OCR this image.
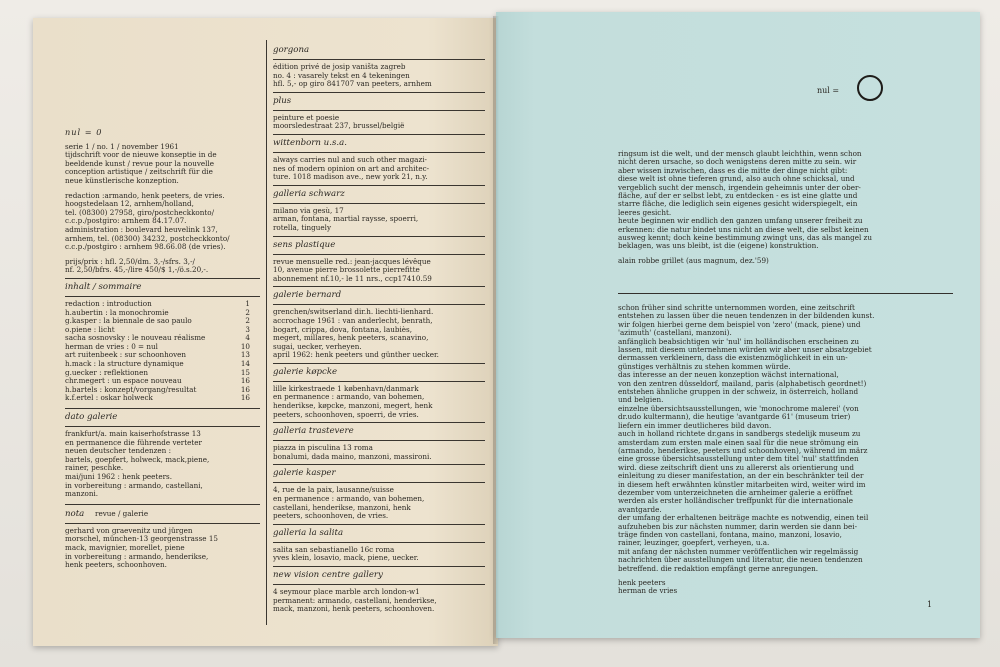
nul = 0
serie 1 / no. 1 / november 1961
tijdschrift voor de nieuwe konseptie in de
beeldende kunst / revue pour la nouvelle
conception artistique / zeitschrift für die
neue künstlerische konzeption.
redaction :armando, henk peeters, de vries.
hoogstedelaan 12, arnhem/holland,
tel. (08300) 27958, giro/postcheckkonto/
c.c.p./postgiro: arnhem 84.17.07.
administration : boulevard heuvelink 137,
arnhem, tel. (08300) 34232, postcheckkonto/
c.c.p./postgiro : arnhem 98.66.08 (de vries).
prijs/prix : hfl. 2,50/dm. 3,-/sfrs. 3,-/
nf. 2,50/bfrs. 45,-/lire 450/$ 1,-/ö.s.20,-.
inhalt / sommaire
redaction : introduction	1
h.aubertin : la monochromie	2
g.kasper : la biennale de sao paulo	2
o.piene : licht	3
sacha sosnovsky : le nouveau réalisme	4
herman de vries : 0 = nul	10
art ruitenbeek : sur schoonhoven	13
h.mack : la structure dynamique	14
g.uecker : reflektionen	15
chr.megert : un espace nouveau	16
h.bartels : konzept/vorgang/resultat	16
k.f.ertel : oskar holweck	16
dato galerie
frankfurt/a. main kaiserhofstrasse 13
en permanence die führende verteter
neuen deutscher tendenzen :
bartels, goepfert, holweck, mack,piene,
rainer, peschke.
mai/juni 1962 : henk peeters.
in vorbereitung : armando, castellani,
manzoni.
nota revue / galerie
gerhard von graevenitz und jürgen
morschel, münchen-13 georgenstrasse 15
mack, mavignier, morellet, piene
in vorbereitung : armando, henderikse,
henk peeters, schoonhoven.
gorgona
édition privé de josip vaništa zagreb
no. 4 : vasarely tekst en 4 tekeningen
hfl. 5,- op giro 841707 van peeters, arnhem
plus
peinture et poesie
moorsledestraat 237, brussel/belgië
wittenborn u.s.a.
always carries nul and such other magazi-
nes of modern opinion on art and architec-
ture. 1018 madison ave., new york 21, n.y.
galleria schwarz
milano via gesù, 17
arman, fontana, martial raysse, spoerri,
rotella, tinguely
sens plastique
revue mensuelle red.: jean-jacques lévêque
10, avenue pierre brossolette pierrefitte
abonnement nf.10,- le 11 nrs., ccp17410.59
galerie bernard
grenchen/switserland dir.h. liechti-lienhard.
accrochage 1961 : van anderlecht, benrath,
bogart, crippa, dova, fontana, laubiès,
megert, millares, henk peeters, scanavino,
sugai, uecker, verheyen.
april 1962: henk peeters und günther uecker.
galerie køpcke
lille kirkestraede 1 københavn/danmark
en permanence : armando, van bohemen,
henderikse, køpcke, manzoni, megert, henk
peeters, schoonhoven, spoerri, de vries.
galleria trastevere
piazza in pisculina 13 roma
bonalumi, dada maino, manzoni, massironi.
galerie kasper
4, rue de la paix, lausanne/suisse
en permanence : armando, van bohemen,
castellani, henderikse, manzoni, henk
peeters, schoonhoven, de vries.
galleria la salita
salita san sebastianello 16c roma
yves klein, losavio, mack, piene, uecker.
new vision centre gallery
4 seymour place marble arch london-w1
permanent: armando, castellani, henderikse,
mack, manzoni, henk peeters, schoonhoven.
nul =
ringsum ist die welt, und der mensch glaubt leichthin, wenn schon
nicht deren ursache, so doch wenigstens deren mitte zu sein. wir
aber wissen inzwischen, dass es die mitte der dinge nicht gibt:
diese welt ist ohne tieferen grund, also auch ohne schicksal, und
vergeblich sucht der mensch, irgendein geheimnis unter der ober-
fläche, auf der er selbst lebt, zu entdecken - es ist eine glatte und
starre fläche, die lediglich sein eigenes gesicht widerspiegelt, ein
leeres gesicht.
heute beginnen wir endlich den ganzen umfang unserer freiheit zu
erkennen: die natur bindet uns nicht an diese welt, die selbst keinen
ausweg kennt; doch keine bestimmung zwingt uns, das als mangel zu
beklagen, was uns bleibt, ist die (eigene) konstruktion.
alain robbe grillet (aus magnum, dez.'59)
schon früher sind schritte unternommen worden, eine zeitschrift
entstehen zu lassen über die neuen tendenzen in der bildenden kunst.
wir folgen hierbei gerne dem beispiel von 'zero' (mack, piene) und
'azimuth' (castellani, manzoni).
anfänglich beabsichtigen wir 'nul' im holländischen erscheinen zu
lassen, mit diesem unternehmen würden wir aber unser absatzgebiet
dermassen verkleinern, dass die existenzmöglichkeit in ein un-
günstiges verhältnis zu stehen kommen würde.
das interesse an der neuen konzeption wächst international,
von den zentren düsseldorf, mailand, paris (alphabetisch geordnet!)
entstehen ähnliche gruppen in der schweiz, in österreich, holland
und belgien.
einzelne übersichtsausstellungen, wie 'monochrome malerei' (von
dr.udo kultermann), die heutige 'avantgarde 61' (museum trier)
liefern ein immer deutlicheres bild davon.
auch in holland richtete dr.gans in sandbergs stedelijk museum zu
amsterdam zum ersten male einen saal für die neue strömung ein
(armando, henderikse, peeters und schoonhoven), während im märz
eine grosse übersichtsausstellung unter dem titel 'nul' stattfinden
wird. diese zeitschrift dient uns zu allererst als orientierung und
einleitung zu dieser manifestation, an der ein beschränkter teil der
in diesem heft erwähnten künstler mitarbeiten wird, weiter wird im
dezember vom unterzeichneten die arnheimer galerie a eröffnet
werden als erster holländischer treffpunkt für die internationale
avantgarde.
der umfang der erhaltenen beiträge machte es notwendig, einen teil
aufzuheben bis zur nächsten nummer, darin werden sie dann bei-
träge finden von castellani, fontana, maino, manzoni, losavio,
rainer, leuzinger, goepfert, verheyen, u.a.
mit anfang der nächsten nummer veröffentlichen wir regelmässig
nachrichten über ausstellungen und literatur, die neuen tendenzen
betreffend. die redaktion empfängt gerne anregungen.
henk peeters
herman de vries
1
